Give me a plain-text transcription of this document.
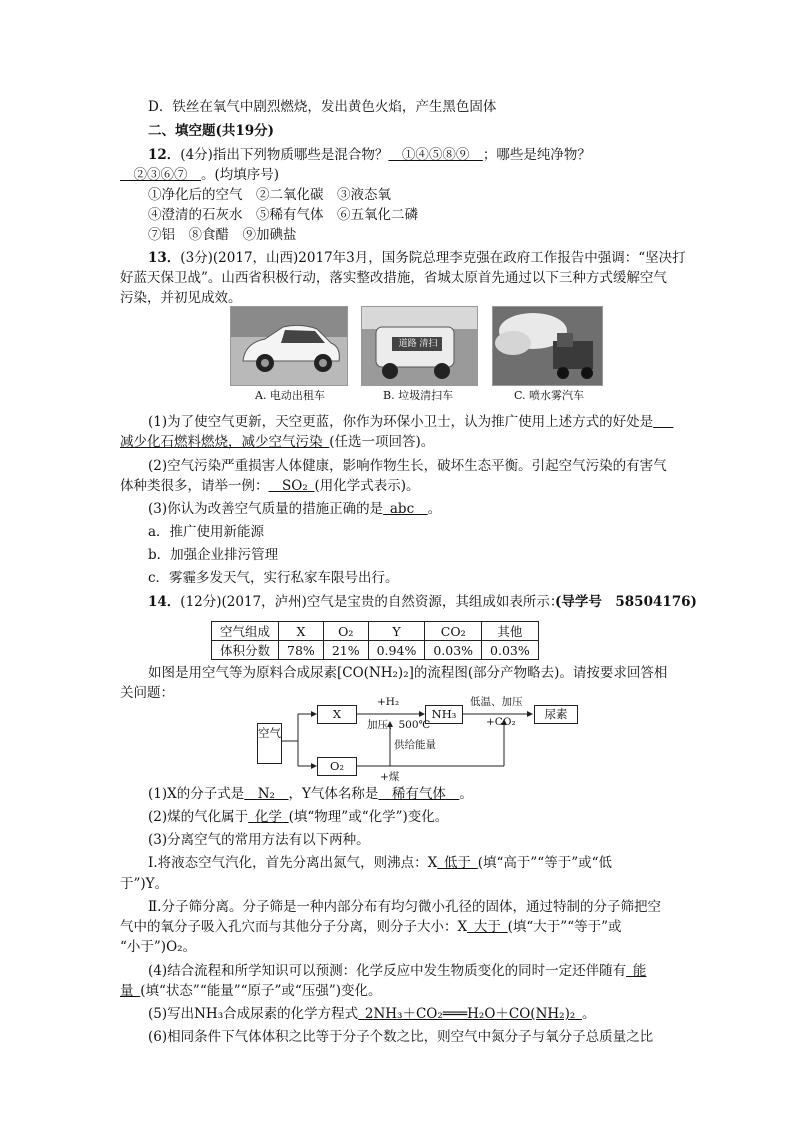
D．铁丝在氧气中剧烈燃烧，发出黄色火焰，产生黑色固体
二、填空题(共19分)
12．(4分)指出下列物质哪些是混合物？  ①④⑤⑧⑨  ；哪些是纯净物？
 ②③⑥⑦  。(均填序号)
①净化后的空气　②二氧化碳　③液态氧
④澄清的石灰水　⑤稀有气体　⑥五氧化二磷
⑦铝　⑧食醋　⑨加碘盐
13．(3分)(2017，山西)2017年3月，国务院总理李克强在政府工作报告中强调：“坚决打
好蓝天保卫战”。山西省积极行动，落实整改措施，省城太原首先通过以下三种方式缓解空气
污染，并初见成效。
道路 清扫
A. 电动出租车	B. 垃圾清扫车	C. 喷水雾汽车
(1)为了使空气更新，天空更蓝，你作为环保小卫士，认为推广使用上述方式的好处是  
减少化石燃料燃烧，减少空气污染  (任选一项回答)。
(2)空气污染严重损害人体健康，影响作物生长，破坏生态平衡。引起空气污染的有害气
体种类很多，请举一例：  SO₂  (用化学式表示)。
(3)你认为改善空气质量的措施正确的是  abc  。
a．推广使用新能源
b．加强企业排污管理
c．雾霾多发天气，实行私家车限号出行。
14．(12分)(2017，泸州)空气是宝贵的自然资源，其组成如表所示：
(导学号　58504176)
空气组成	X	O₂	Y	CO₂	其他
体积分数	78%	21%	0.94%	0.03%	0.03%
如图是用空气等为原料合成尿素[CO(NH₂)₂]的流程图(部分产物略去)。请按要求回答相
关问题：
空气
X
O₂
NH₃	尿素
+H₂
加压、500℃
低温、加压
+CO₂
供给能量
+煤
(1)X的分子式是   N₂   ，Y气体名称是   稀有气体   。
(2)煤的气化属于  化学  (填“物理”或“化学”)变化。
(3)分离空气的常用方法有以下两种。
Ⅰ.将液态空气汽化，首先分离出氮气，则沸点：X  低于  (填“高于”“等于”或“低
于”)Y。
Ⅱ.分子筛分离。分子筛是一种内部分布有均匀微小孔径的固体，通过特制的分子筛把空
气中的氧分子吸入孔穴而与其他分子分离，则分子大小：X  大于  (填“大于”“等于”或
“小于”)O₂。
(4)结合流程和所学知识可以预测：化学反应中发生物质变化的同时一定还伴随有  能
量  (填“状态”“能量”“原子”或“压强”)变化。
(5)写出NH₃合成尿素的化学方程式  2NH₃＋CO₂═══H₂O＋CO(NH₂)₂  。
(6)相同条件下气体体积之比等于分子个数之比，则空气中氮分子与氧分子总质量之比
